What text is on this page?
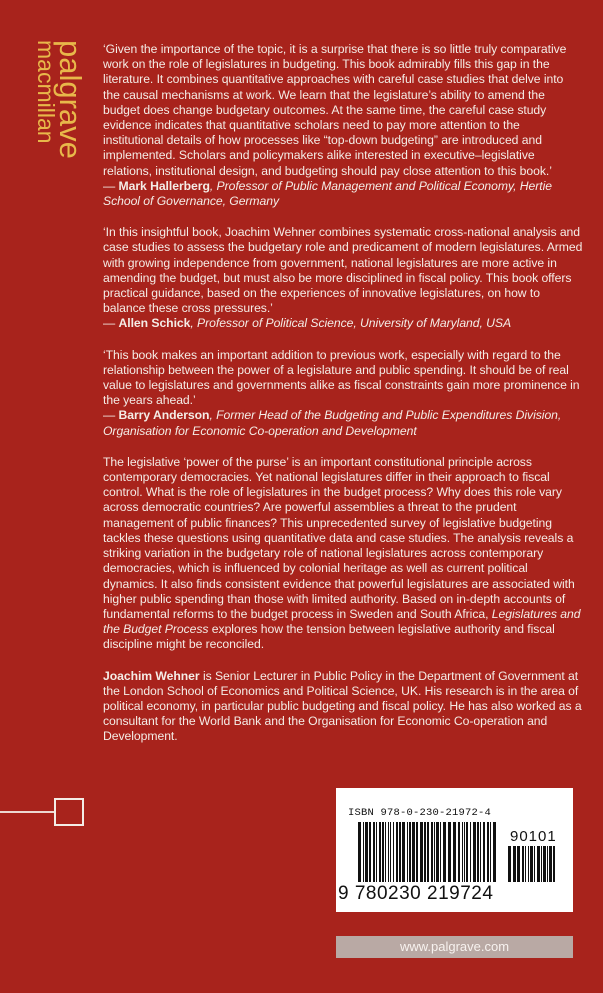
palgrave
macmillan	‘Given the importance of the topic, it is a surprise that there is so little truly comparative work on the role of legislatures in budgeting. This book admirably fills this gap in the literature. It combines quantitative approaches with careful case studies that delve into the causal mechanisms at work. We learn that the legislature’s ability to amend the budget does change budgetary outcomes. At the same time, the careful case study evidence indicates that quantitative scholars need to pay more attention to the institutional details of how processes like “top-down budgeting” are introduced and implemented. Scholars and policymakers alike interested in executive–legislative relations, institutional design, and budgeting should pay close attention to this book.’

— Mark Hallerberg, Professor of Public Management and Political Economy, Hertie School of Governance, Germany

‘In this insightful book, Joachim Wehner combines systematic cross-national analysis and case studies to assess the budgetary role and predicament of modern legislatures. Armed with growing independence from government, national legislatures are more active in amending the budget, but must also be more disciplined in fiscal policy. This book offers practical guidance, based on the experiences of innovative legislatures, on how to balance these cross pressures.’

— Allen Schick, Professor of Political Science, University of Maryland, USA

‘This book makes an important addition to previous work, especially with regard to the relationship between the power of a legislature and public spending. It should be of real value to legislatures and governments alike as fiscal constraints gain more prominence in the years ahead.’

— Barry Anderson, Former Head of the Budgeting and Public Expenditures Division, Organisation for Economic Co-operation and Development

The legislative ‘power of the purse’ is an important constitutional principle across contemporary democracies. Yet national legislatures differ in their approach to fiscal control. What is the role of legislatures in the budget process? Why does this role vary across democratic countries? Are powerful assemblies a threat to the prudent management of public finances? This unprecedented survey of legislative budgeting tackles these questions using quantitative data and case studies. The analysis reveals a striking variation in the budgetary role of national legislatures across contemporary democracies, which is influenced by colonial heritage as well as current political dynamics. It also finds consistent evidence that powerful legislatures are associated with higher public spending than those with limited authority. Based on in-depth accounts of fundamental reforms to the budget process in Sweden and South Africa, Legislatures and the Budget Process explores how the tension between legislative authority and fiscal discipline might be reconciled.

Joachim Wehner is Senior Lecturer in Public Policy in the Department of Government at the London School of Economics and Political Science, UK. His research is in the area of political economy, in particular public budgeting and fiscal policy. He has also worked as a consultant for the World Bank and the Organisation for Economic Co-operation and Development.

ISBN 978-0-230-21972-4
90101
9 780230 219724
www.palgrave.com
